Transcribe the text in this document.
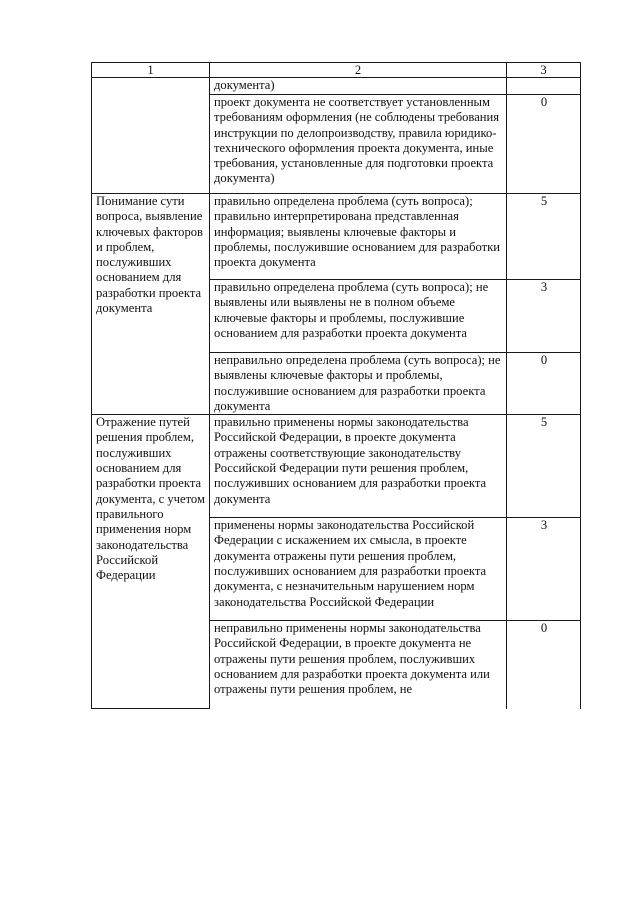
1	2	3
	документа)	
	проект документа не соответствует установленным требованиям оформления (не соблюдены требования инструкции по делопроизводству, правила юридико-технического оформления проекта документа, иные требования, установленные для подготовки проекта документа)	0
Понимание сути вопроса, выявление ключевых факторов и проблем, послуживших основанием для разработки проекта документа	правильно определена проблема (суть вопроса); правильно интерпретирована представленная информация; выявлены ключевые факторы и проблемы, послужившие основанием для разработки проекта документа	5
	правильно определена проблема (суть вопроса); не выявлены или выявлены не в полном объеме ключевые факторы и проблемы, послужившие основанием для разработки проекта документа	3
	неправильно определена проблема (суть вопроса); не выявлены ключевые факторы и проблемы, послужившие основанием для разработки проекта документа	0
Отражение путей решения проблем, послуживших основанием для разработки проекта документа, с учетом правильного применения норм законодательства Российской Федерации	правильно применены нормы законодательства Российской Федерации, в проекте документа отражены соответствующие законодательству Российской Федерации пути решения проблем, послуживших основанием для разработки проекта документа	5
	применены нормы законодательства Российской Федерации с искажением их смысла, в проекте документа отражены пути решения проблем, послуживших основанием для разработки проекта документа, с незначительным нарушением норм законодательства Российской Федерации	3
	неправильно применены нормы законодательства Российской Федерации, в проекте документа не отражены пути решения проблем, послуживших основанием для разработки проекта документа или отражены пути решения проблем, не	0
